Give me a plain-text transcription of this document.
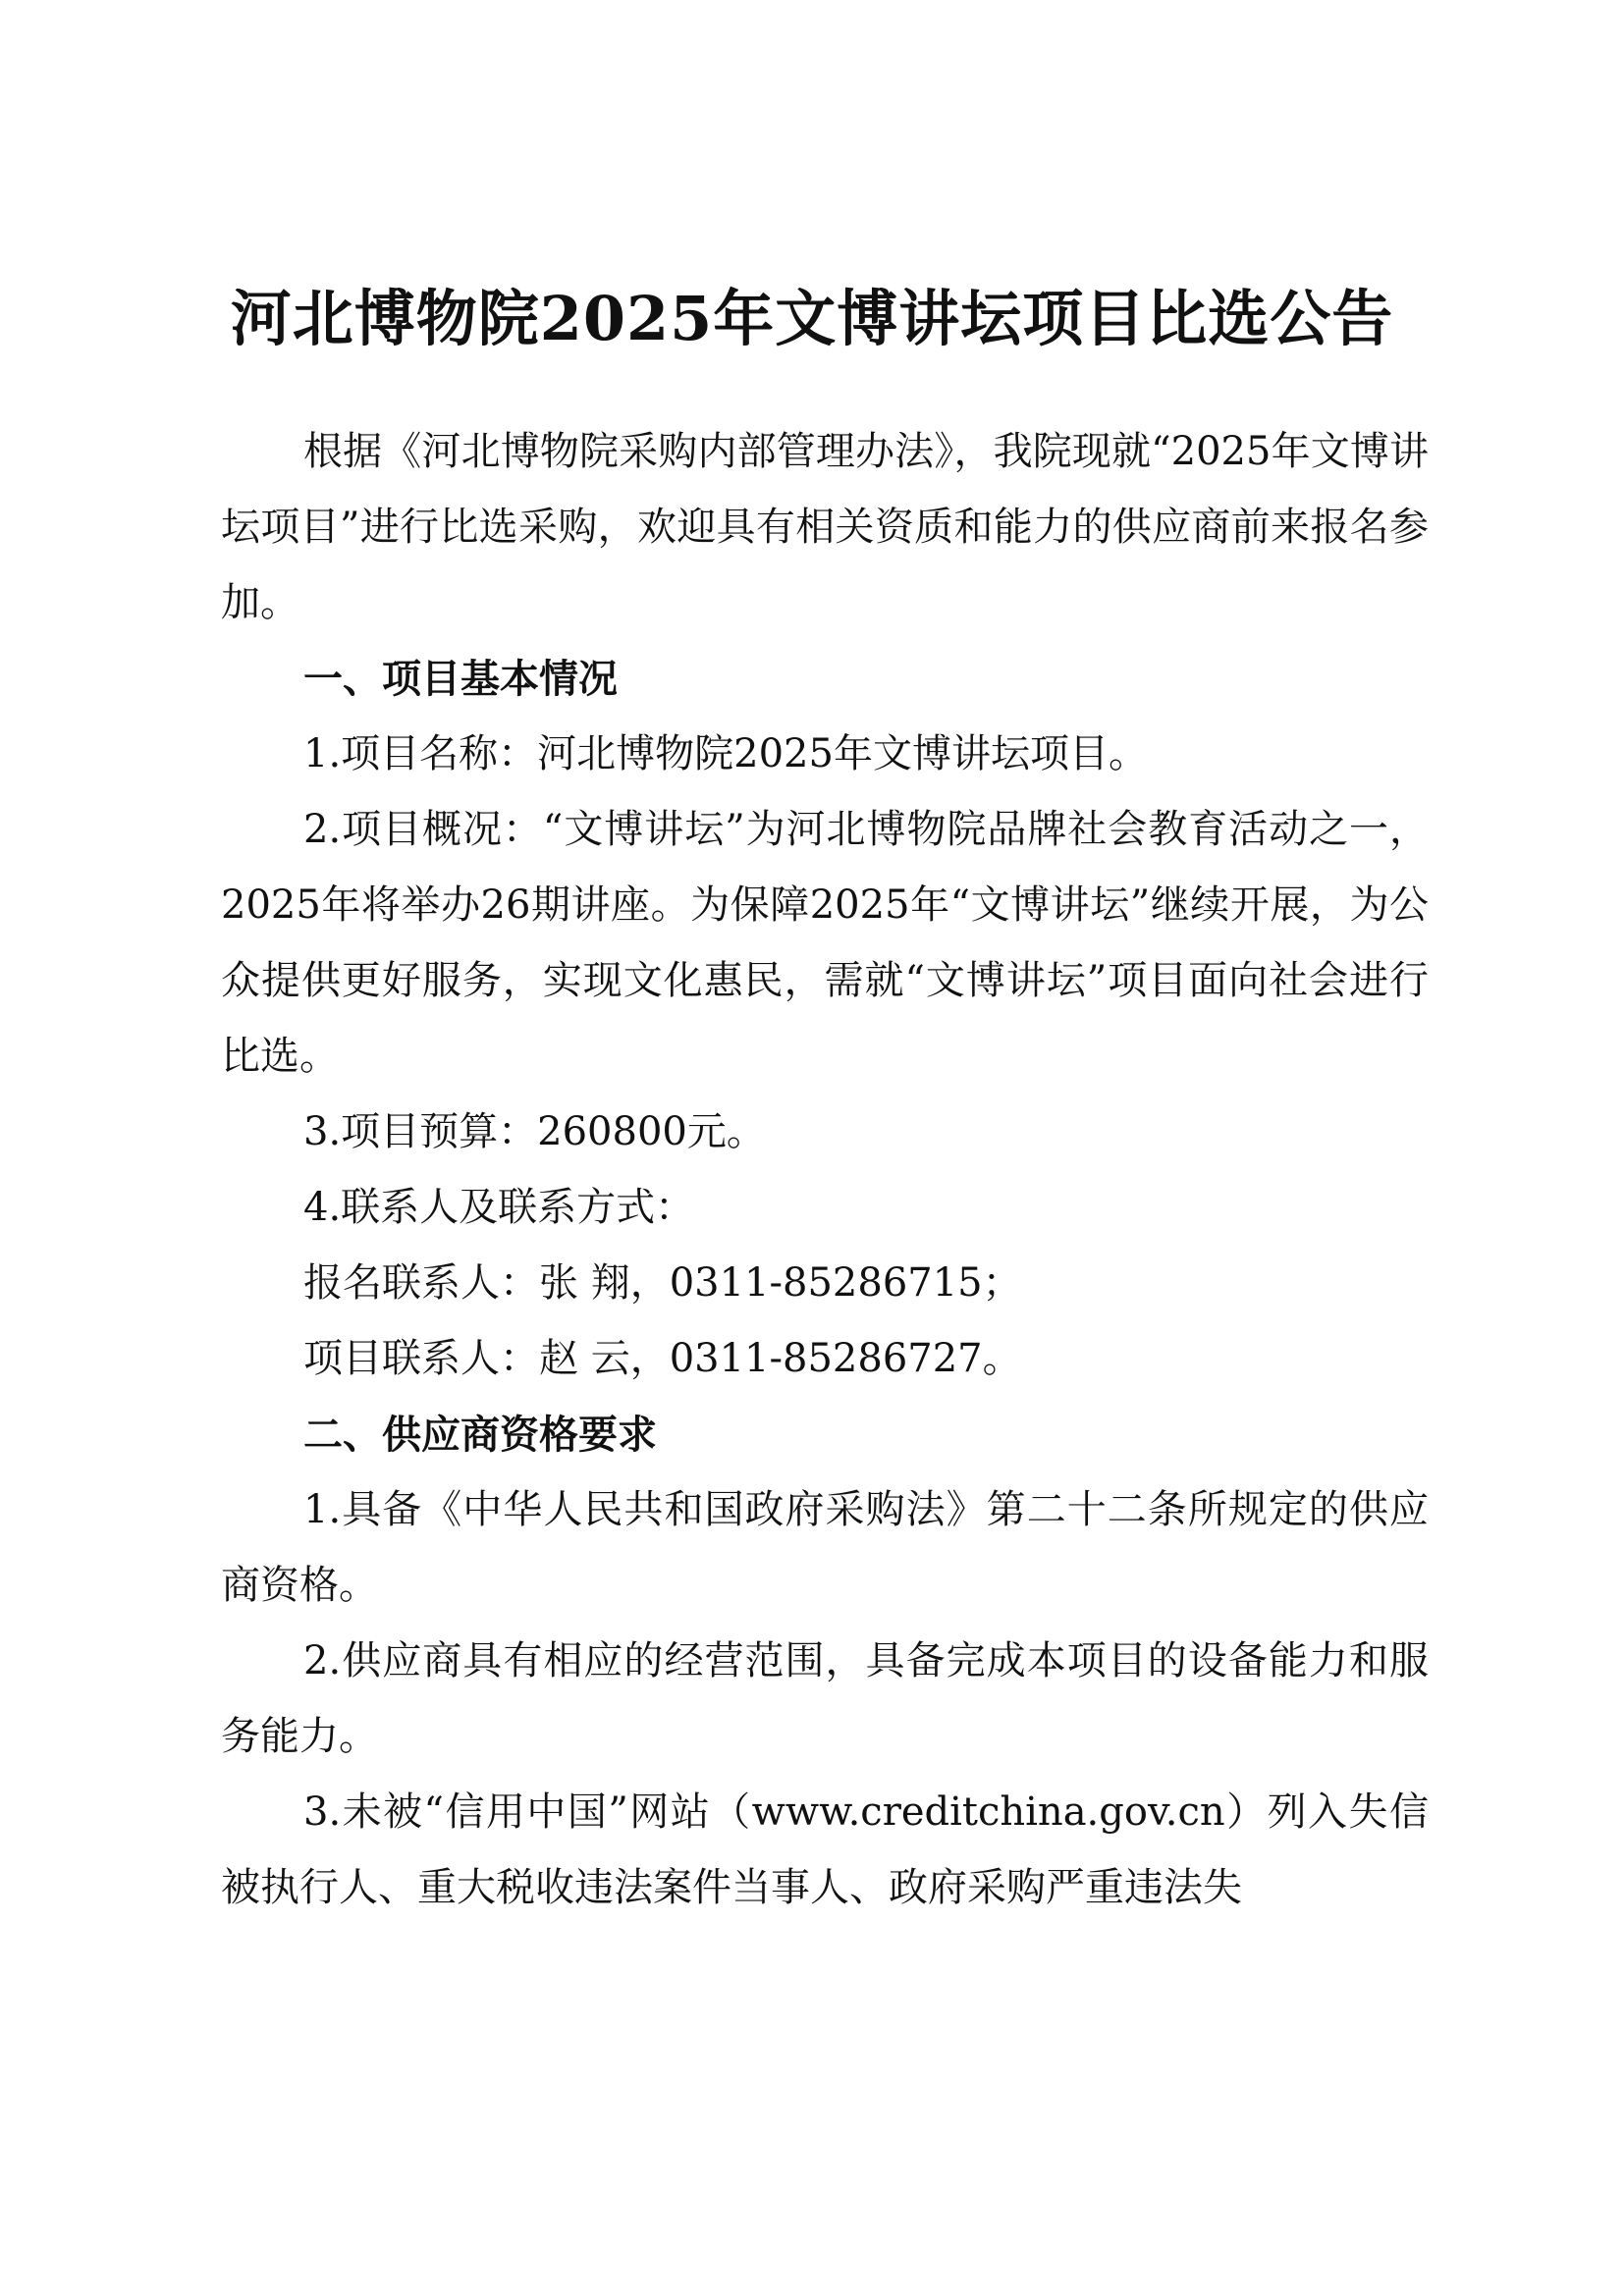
河北博物院2025年文博讲坛项目比选公告

根据《河北博物院采购内部管理办法》，我院现就“2025年文博讲坛项目”进行比选采购，欢迎具有相关资质和能力的供应商前来报名参加。

一、项目基本情况

1.项目名称：河北博物院2025年文博讲坛项目。

2.项目概况：“文博讲坛”为河北博物院品牌社会教育活动之一，2025年将举办26期讲座。为保障2025年“文博讲坛”继续开展，为公众提供更好服务，实现文化惠民，需就“文博讲坛”项目面向社会进行比选。

3.项目预算：260800元。

4.联系人及联系方式：

报名联系人：张 翔，0311-85286715；

项目联系人：赵 云，0311-85286727。

二、供应商资格要求

1.具备《中华人民共和国政府采购法》第二十二条所规定的供应商资格。

2.供应商具有相应的经营范围，具备完成本项目的设备能力和服务能力。

3.未被“信用中国”网站（www.creditchina.gov.cn）列入失信被执行人、重大税收违法案件当事人、政府采购严重违法失
